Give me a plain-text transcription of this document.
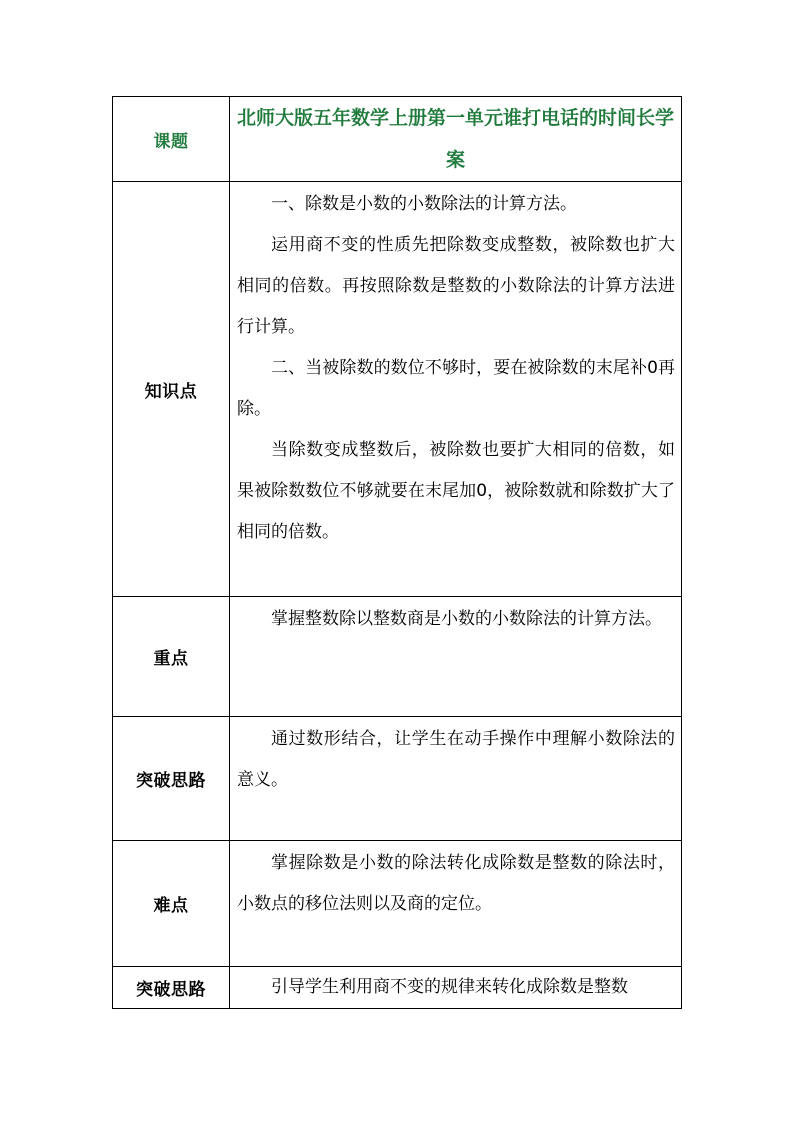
课题	北师大版五年数学上册第一单元谁打电话的时间长学案
知识点	一、除数是小数的小数除法的计算方法。

运用商不变的性质先把除数变成整数，被除数也扩大相同的倍数。再按照除数是整数的小数除法的计算方法进行计算。

二、当被除数的数位不够时，要在被除数的末尾补0再除。

当除数变成整数后，被除数也要扩大相同的倍数，如果被除数数位不够就要在末尾加0，被除数就和除数扩大了相同的倍数。

重点	掌握整数除以整数商是小数的小数除法的计算方法。

突破思路	通过数形结合，让学生在动手操作中理解小数除法的意义。

难点	掌握除数是小数的除法转化成除数是整数的除法时，小数点的移位法则以及商的定位。

突破思路	引导学生利用商不变的规律来转化成除数是整数
